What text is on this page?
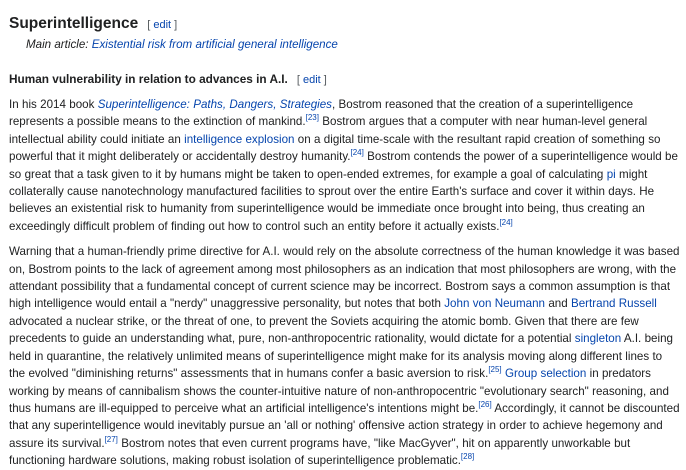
Superintelligence [ edit ]
Main article: Existential risk from artificial general intelligence
Human vulnerability in relation to advances in A.I. [ edit ]

In his 2014 book Superintelligence: Paths, Dangers, Strategies, Bostrom reasoned that the creation of a superintelligence represents a possible means to the extinction of mankind.[23] Bostrom argues that a computer with near human-level general intellectual ability could initiate an intelligence explosion on a digital time-scale with the resultant rapid creation of something so powerful that it might deliberately or accidentally destroy humanity.[24] Bostrom contends the power of a superintelligence would be so great that a task given to it by humans might be taken to open-ended extremes, for example a goal of calculating pi might collaterally cause nanotechnology manufactured facilities to sprout over the entire Earth's surface and cover it within days. He believes an existential risk to humanity from superintelligence would be immediate once brought into being, thus creating an exceedingly difficult problem of finding out how to control such an entity before it actually exists.[24]

Warning that a human-friendly prime directive for A.I. would rely on the absolute correctness of the human knowledge it was based on, Bostrom points to the lack of agreement among most philosophers as an indication that most philosophers are wrong, with the attendant possibility that a fundamental concept of current science may be incorrect. Bostrom says a common assumption is that high intelligence would entail a "nerdy" unaggressive personality, but notes that both John von Neumann and Bertrand Russell advocated a nuclear strike, or the threat of one, to prevent the Soviets acquiring the atomic bomb. Given that there are few precedents to guide an understanding what, pure, non-anthropocentric rationality, would dictate for a potential singleton A.I. being held in quarantine, the relatively unlimited means of superintelligence might make for its analysis moving along different lines to the evolved "diminishing returns" assessments that in humans confer a basic aversion to risk.[25] Group selection in predators working by means of cannibalism shows the counter-intuitive nature of non-anthropocentric "evolutionary search" reasoning, and thus humans are ill-equipped to perceive what an artificial intelligence's intentions might be.[26] Accordingly, it cannot be discounted that any superintelligence would inevitably pursue an 'all or nothing' offensive action strategy in order to achieve hegemony and assure its survival.[27] Bostrom notes that even current programs have, "like MacGyver", hit on apparently unworkable but functioning hardware solutions, making robust isolation of superintelligence problematic.[28]
